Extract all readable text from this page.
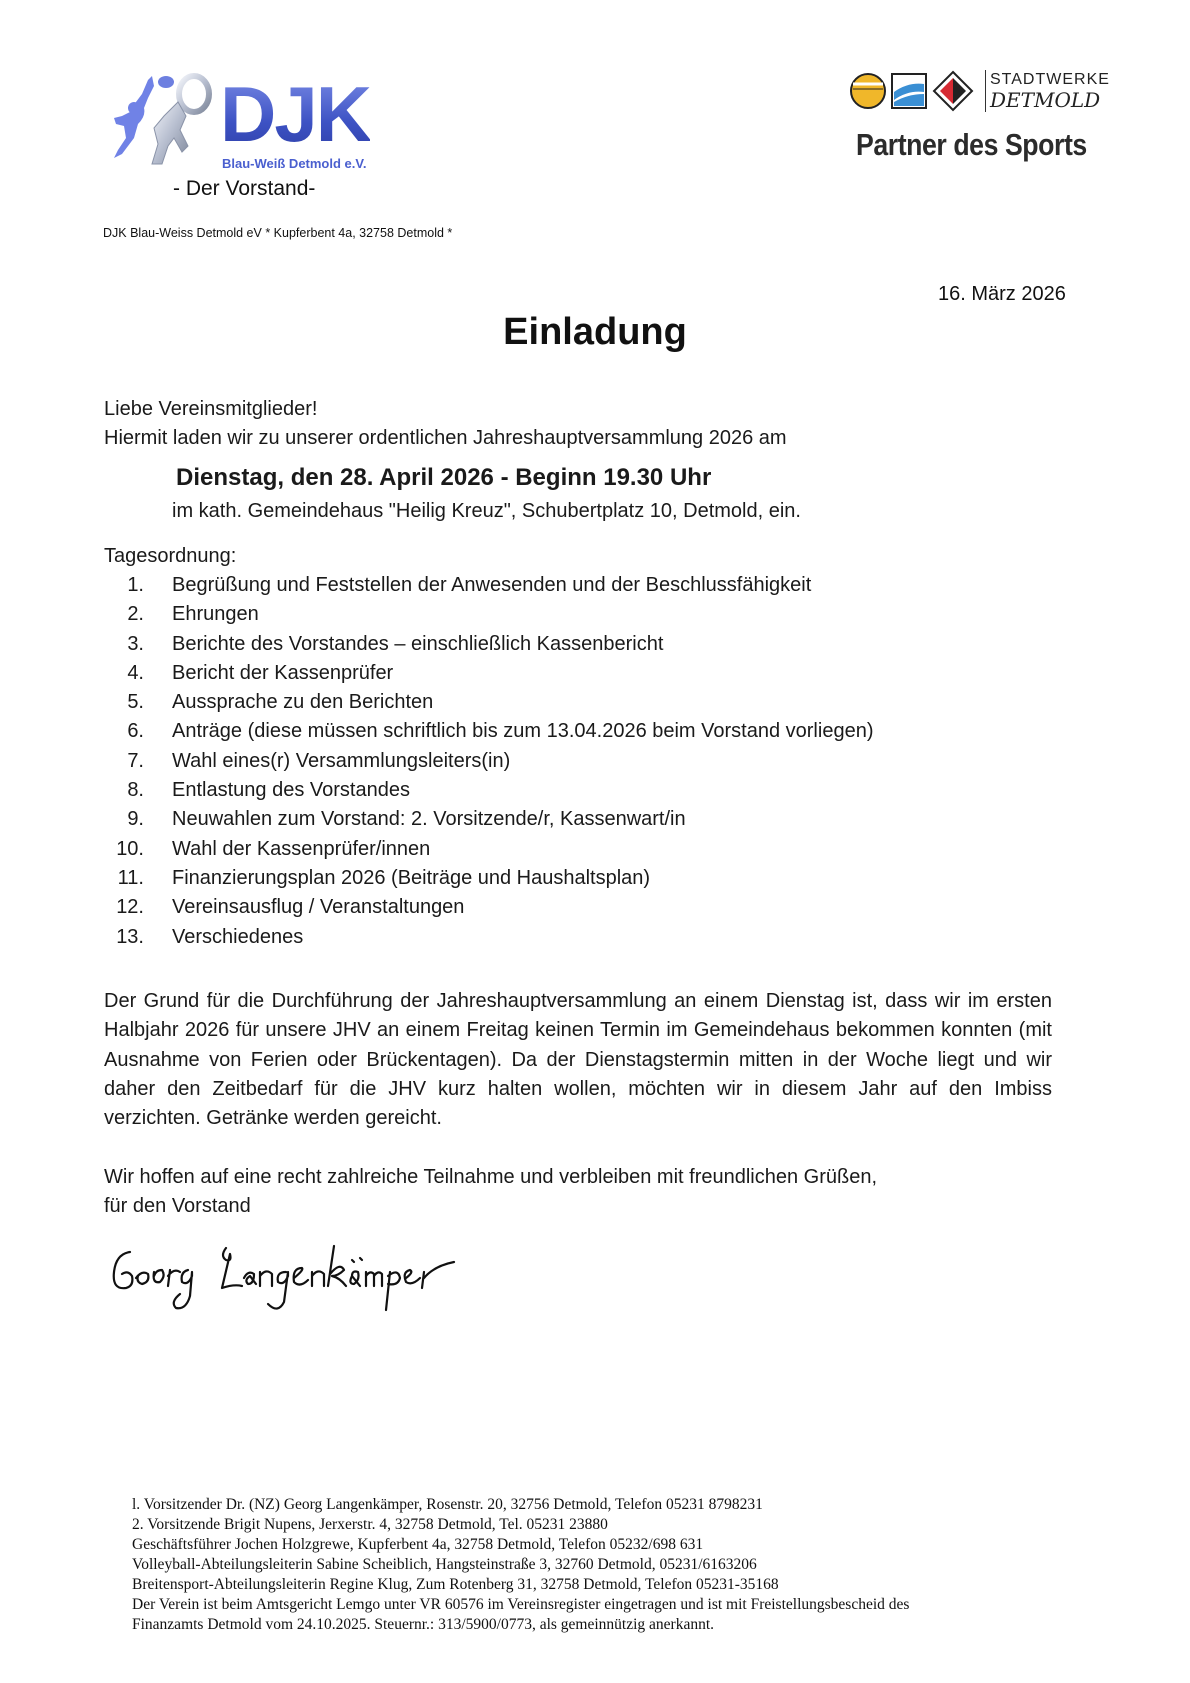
DJK
Blau-Weiß Detmold e.V.
- Der Vorstand-
DJK Blau-Weiss Detmold eV * Kupferbent 4a, 32758 Detmold *
STADTWERKE
DETMOLD
Partner des Sports
16. März 2026
Einladung
Liebe Vereinsmitglieder!
Hiermit laden wir zu unserer ordentlichen Jahreshauptversammlung 2026 am
Dienstag, den 28. April 2026 - Beginn 19.30 Uhr
im kath. Gemeindehaus "Heilig Kreuz", Schubertplatz 10, Detmold, ein.
Tagesordnung:
1. Begrüßung und Feststellen der Anwesenden und der Beschlussfähigkeit
2. Ehrungen
3. Berichte des Vorstandes – einschließlich Kassenbericht
4. Bericht der Kassenprüfer
5. Aussprache zu den Berichten
6. Anträge (diese müssen schriftlich bis zum 13.04.2026 beim Vorstand vorliegen)
7. Wahl eines(r) Versammlungsleiters(in)
8. Entlastung des Vorstandes
9. Neuwahlen zum Vorstand: 2. Vorsitzende/r, Kassenwart/in
10. Wahl der Kassenprüfer/innen
11. Finanzierungsplan 2026 (Beiträge und Haushaltsplan)
12. Vereinsausflug / Veranstaltungen
13. Verschiedenes
Der Grund für die Durchführung der Jahreshauptversammlung an einem Dienstag ist, dass wir im ersten Halbjahr 2026 für unsere JHV an einem Freitag keinen Termin im Gemeindehaus bekommen konnten (mit Ausnahme von Ferien oder Brückentagen). Da der Dienstagstermin mitten in der Woche liegt und wir daher den Zeitbedarf für die JHV kurz halten wollen, möchten wir in diesem Jahr auf den Imbiss verzichten. Getränke werden gereicht.
Wir hoffen auf eine recht zahlreiche Teilnahme und verbleiben mit freundlichen Grüßen,
für den Vorstand
l. Vorsitzender Dr. (NZ) Georg Langenkämper, Rosenstr. 20, 32756 Detmold, Telefon 05231 8798231
2. Vorsitzende Brigit Nupens, Jerxerstr. 4, 32758 Detmold, Tel. 05231 23880
Geschäftsführer Jochen Holzgrewe, Kupferbent 4a, 32758 Detmold, Telefon 05232/698 631
Volleyball-Abteilungsleiterin Sabine Scheiblich, Hangsteinstraße 3, 32760 Detmold, 05231/6163206
Breitensport-Abteilungsleiterin Regine Klug, Zum Rotenberg 31, 32758 Detmold, Telefon 05231-35168
Der Verein ist beim Amtsgericht Lemgo unter VR 60576 im Vereinsregister eingetragen und ist mit Freistellungsbescheid des
Finanzamts Detmold vom 24.10.2025. Steuernr.: 313/5900/0773, als gemeinnützig anerkannt.
